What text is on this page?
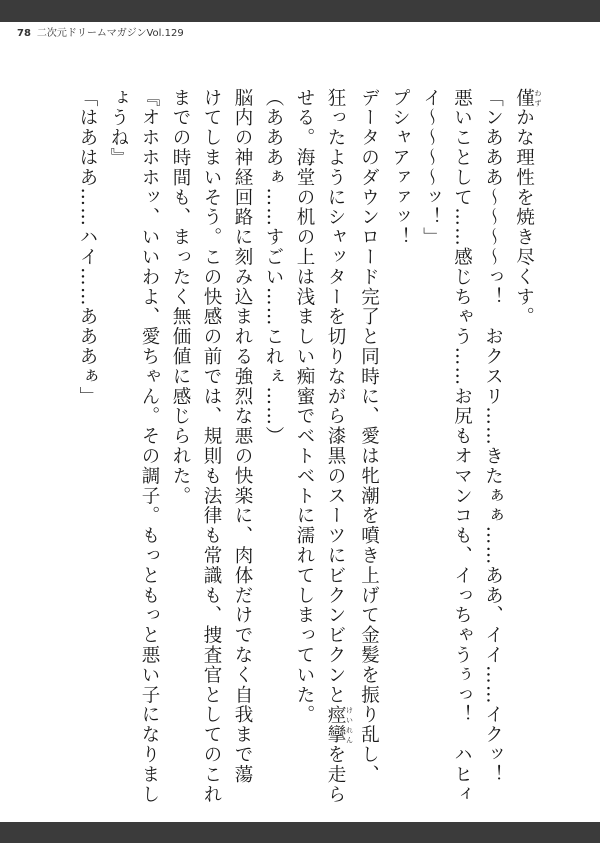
78 二次元ドリームマガジンVol.129

僅 わずかな理性を焼き尽くす。

「ンあああ～～～～っ！　おクスリ……きたぁぁ……ああ、イイ……イクッ！

悪いことして……感じちゃう……お尻もオマンコも、イっちゃうぅっ！　ハヒィ

イ～～～～ッ！」

プシャアァァッ！

データのダウンロード完了と同時に、愛は牝潮を噴き上げて金髪を振り乱し、

狂ったようにシャッターを切りながら漆黒のスーツにビクンビクンと痙攣 けいれんを走ら

せる。海堂の机の上は浅ましい痴蜜でベトベトに濡れてしまっていた。

（あああぁ……すごい……これぇ……）

脳内の神経回路に刻み込まれる強烈な悪の快楽に、肉体だけでなく自我まで蕩

けてしまいそう。この快感の前では、規則も法律も常識も、捜査官としてのこれ

までの時間も、まったく無価値に感じられた。

『オホホホッ、いいわよ、愛ちゃん。その調子。もっともっと悪い子になりまし

ょうね』

「はあはあ……ハイ……あああぁ」
